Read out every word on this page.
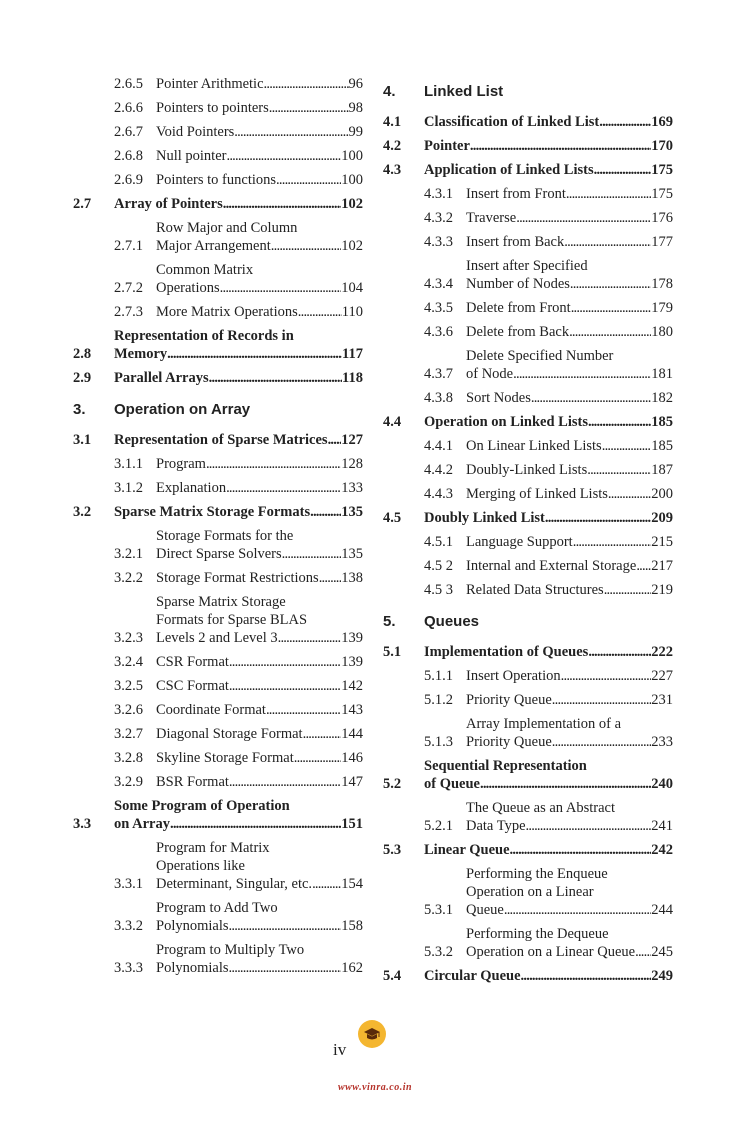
2.6.5 Pointer Arithmetic . . .	96
2.6.6 Pointers to pointers . . .	98
2.6.7 Void Pointers . . .	99
2.6.8 Null pointer . . .	100
2.6.9 Pointers to functions . . .	100
2.7	Array of Pointers . . .	102
2.7.1
Row Major and Column
Major Arrangement . . .	102
2.7.2
Common Matrix
Operations . . .	104
2.7.3 More Matrix Operations . . .	110
2.8
Representation of Records in
Memory . . .	117
2.9	Parallel Arrays . . .	118
3.	Operation on Array
3.1	Representation of Sparse Matrices . . . 127
3.1.1 Program . . .	128
3.1.2 Explanation . . .	133
3.2	Sparse Matrix Storage Formats . . . 135
3.2.1
Storage Formats for the
Direct Sparse Solvers . . .	135
3.2.2 Storage Format Restrictions . . . 138
3.2.3
Sparse Matrix Storage
Formats for Sparse BLAS
Levels 2 and Level 3 . . .	139
3.2.4 CSR Format . . .	139
3.2.5 CSC Format . . .	142
3.2.6 Coordinate Format . . .	143
3.2.7 Diagonal Storage Format . . .	144
3.2.8 Skyline Storage Format . . .	146
3.2.9 BSR Format . . .	147
3.3
Some Program of Operation
on Array . . .	151
3.3.1
Program for Matrix
Operations like
Determinant, Singular, etc. . . . 154
3.3.2
Program to Add Two
Polynomials . . .	158
3.3.3
Program to Multiply Two
Polynomials . . .	162
4.	Linked List
4.1	Classification of Linked List . . .	169
4.2	Pointer . . .	170
4.3	Application of Linked Lists . . .	175
4.3.1 Insert from Front . . .	175
4.3.2 Traverse . . .	176
4.3.3 Insert from Back . . .	177
4.3.4
Insert after Specified
Number of Nodes . . .	178
4.3.5 Delete from Front . . .	179
4.3.6 Delete from Back . . .	180
4.3.7
Delete Specified Number
of Node . . .	181
4.3.8 Sort Nodes . . .	182
4.4	Operation on Linked Lists . . .	185
4.4.1 On Linear Linked Lists . . .	185
4.4.2 Doubly-Linked Lists . . .	187
4.4.3 Merging of Linked Lists . . .	200
4.5	Doubly Linked List . . .	209
4.5.1 Language Support . . .	215
4.5 2 Internal and External Storage . . . 217
4.5 3 Related Data Structures . . .	219
5.	Queues
5.1	Implementation of Queues . . .	222
5.1.1 Insert Operation . . .	227
5.1.2 Priority Queue . . .	231
5.1.3
Array Implementation of a
Priority Queue . . .	233
5.2
Sequential Representation
of Queue . . .	240
5.2.1
The Queue as an Abstract
Data Type . . .	241
5.3	Linear Queue . . .	242
5.3.1
Performing the Enqueue
Operation on a Linear
Queue . . .	244
5.3.2
Performing the Dequeue
Operation on a Linear Queue . . . 245
5.4	Circular Queue . . .	249
iv
www.vinra.co.in
